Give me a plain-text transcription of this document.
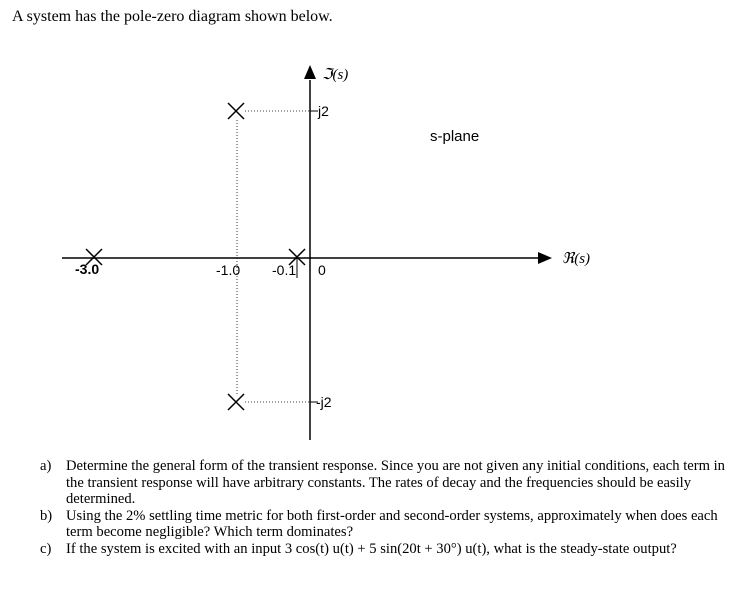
A system has the pole-zero diagram shown below.
ℑ(s)
ℜ(s)
s-plane
j2
-j2
-3.0	-1.0 -0.1 0
a)	Determine the general form of the transient response. Since you are not given any initial conditions, each term in the transient response will have arbitrary constants. The rates of decay and the frequencies should be easily determined.
b) Using the 2% settling time metric for both first-order and second-order systems, approximately when does each term become negligible? Which term dominates?
c)	If the system is excited with an input 3 cos(t) u(t) + 5 sin(20t + 30°) u(t), what is the steady-state output?
